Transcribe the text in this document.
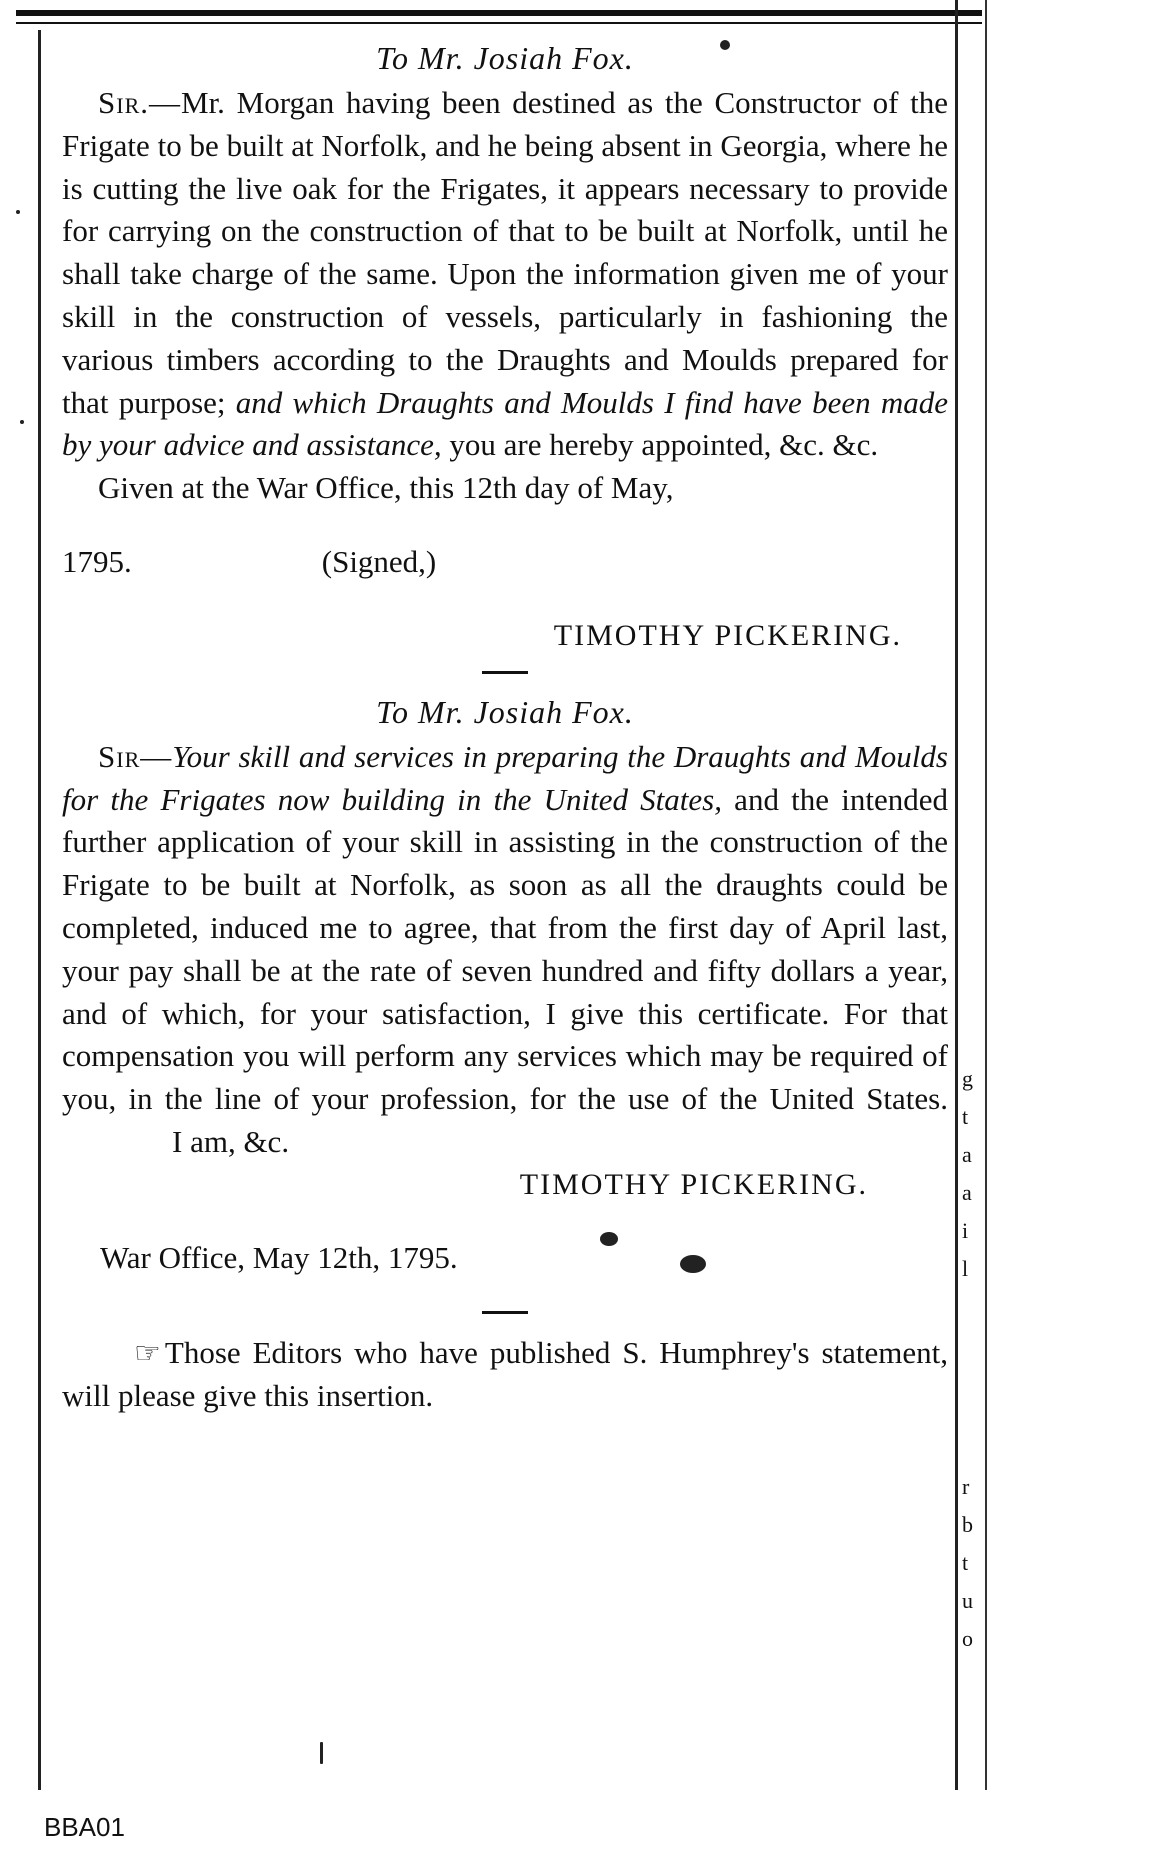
g
t
a
a
i
l
r
b
t
u
o

To Mr. Josiah Fox.

Sir.—Mr. Morgan having been destined as the Constructor of the Frigate to be built at Norfolk, and he being absent in Georgia, where he is cutting the live oak for the Frigates, it appears necessary to provide for carrying on the construction of that to be built at Norfolk, until he shall take charge of the same. Upon the information given me of your skill in the construction of vessels, particularly in fashioning the various timbers according to the Draughts and Moulds prepared for that purpose; and which Draughts and Moulds I find have been made by your advice and assistance, you are hereby appointed, &c. &c.

Given at the War Office, this 12th day of May,

1795.	(Signed,)

TIMOTHY PICKERING.

To Mr. Josiah Fox.

Sir—Your skill and services in preparing the Draughts and Moulds for the Frigates now building in the United States, and the intended further application of your skill in assisting in the construction of the Frigate to be built at Norfolk, as soon as all the draughts could be completed, induced me to agree, that from the first day of April last, your pay shall be at the rate of seven hundred and fifty dollars a year, and of which, for your satisfaction, I give this certificate. For that compensation you will perform any services which may be required of you, in the line of your profession, for the use of the United States.I am, &c.

TIMOTHY PICKERING.

War Office, May 12th, 1795.

☞ Those Editors who have published S. Humphrey's statement, will please give this insertion.

BBA01
